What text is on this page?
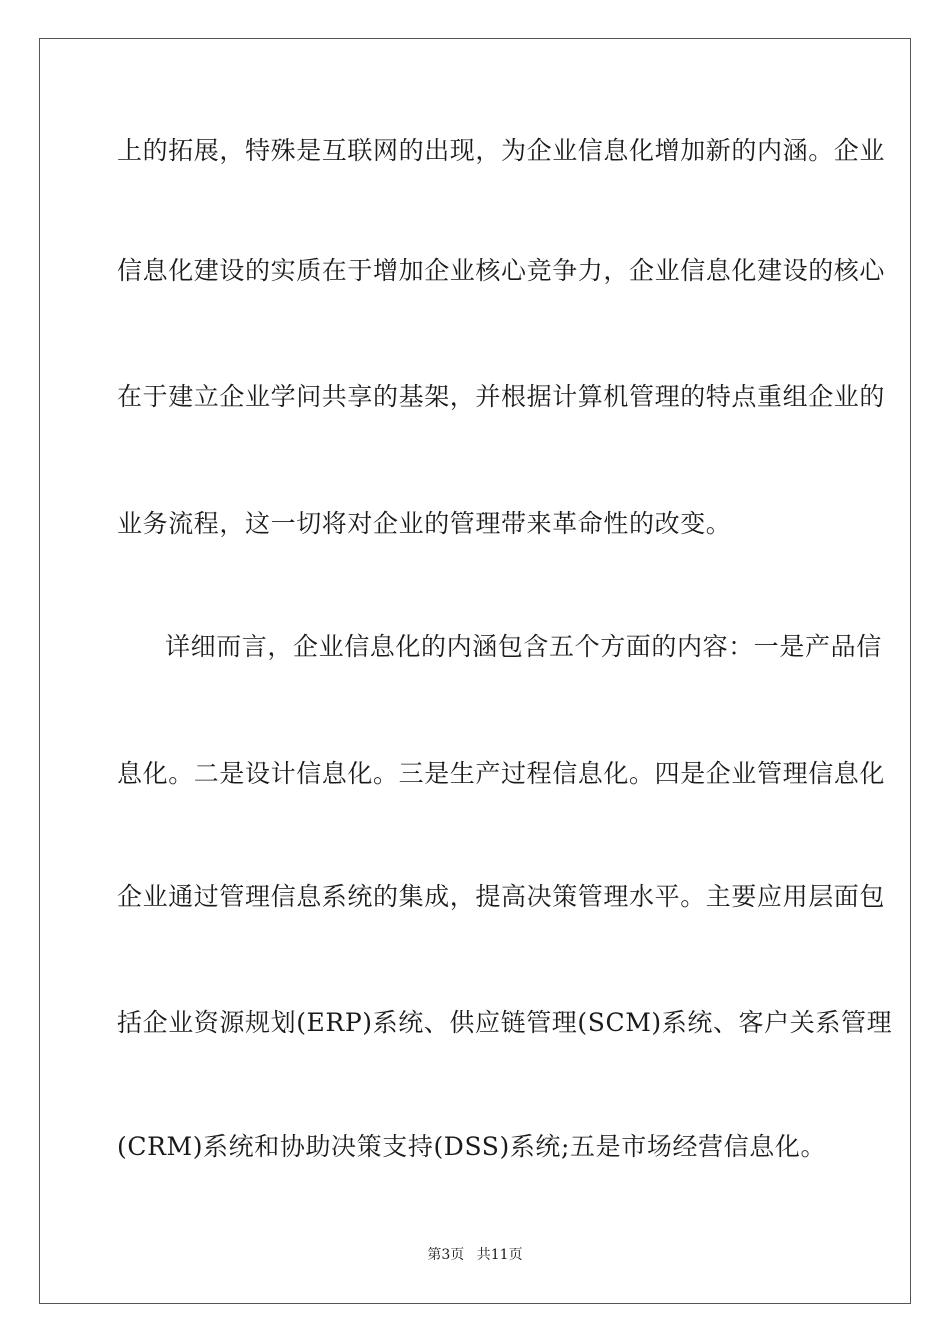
上的拓展，特殊是互联网的出现，为企业信息化增加新的内涵。企业
信息化建设的实质在于增加企业核心竞争力，企业信息化建设的核心
在于建立企业学问共享的基架，并根据计算机管理的特点重组企业的
业务流程，这一切将对企业的管理带来革命性的改变。
详细而言，企业信息化的内涵包含五个方面的内容：一是产品信
息化。二是设计信息化。三是生产过程信息化。四是企业管理信息化
企业通过管理信息系统的集成，提高决策管理水平。主要应用层面包
括企业资源规划(ERP)系统、供应链管理(SCM)系统、客户关系管理
(CRM)系统和协助决策支持(DSS)系统;五是市场经营信息化。
第3页 共11页
